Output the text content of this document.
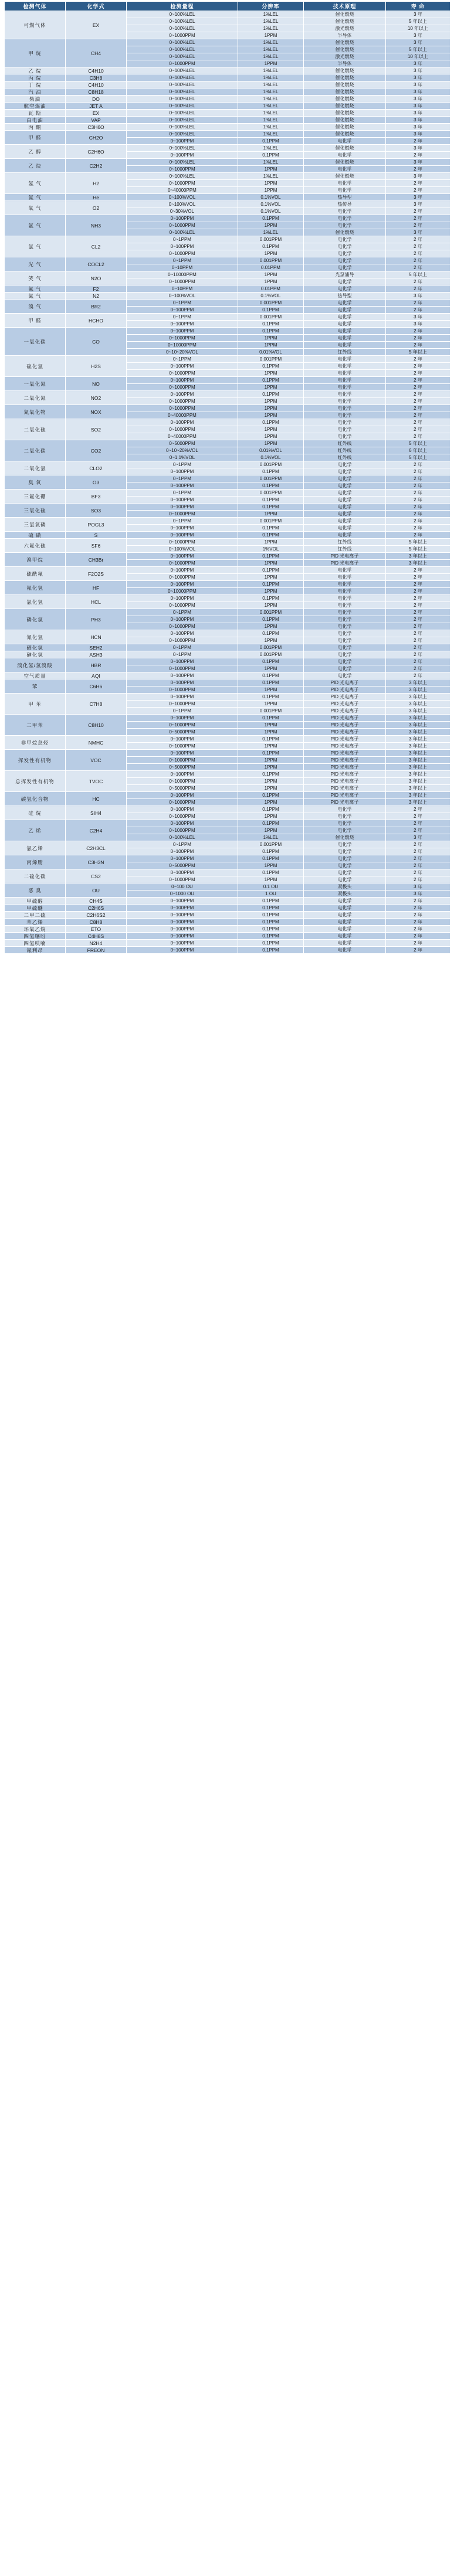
检测气体	化学式	检测量程	分辨率	技术原理	寿 命
可燃气体	EX	0~100%LEL	1%LEL	催化燃烧	3 年
		0~100%LEL	1%LEL	催化燃烧	5 年以上
		0~100%LEL	1%LEL	激光燃烧	10 年以上
		0~1000PPM	1PPM	半导体	3 年
甲 烷	CH4	0~100%LEL	1%LEL	催化燃烧	3 年
		0~100%LEL	1%LEL	催化燃烧	5 年以上
		0~100%LEL	1%LEL	激光燃烧	10 年以上
		0~1000PPM	1PPM	半导体	3 年
乙 烷	C4H10	0~100%LEL	1%LEL	催化燃烧	3 年
丙 烷	C3H8	0~100%LEL	1%LEL	催化燃烧	3 年
丁 烷	C4H10	0~100%LEL	1%LEL	催化燃烧	3 年
汽 油	C8H18	0~100%LEL	1%LEL	催化燃烧	3 年
柴油	DO	0~100%LEL	1%LEL	催化燃烧	3 年
航空煤油	JET A	0~100%LEL	1%LEL	催化燃烧	3 年
瓦 斯	EX	0~100%LEL	1%LEL	催化燃烧	3 年
白电油	VAP	0~100%LEL	1%LEL	催化燃烧	3 年
丙 酮	C3H6O	0~100%LEL	1%LEL	催化燃烧	3 年
甲 醛	CH2O	0~100%LEL	1%LEL	催化燃烧	3 年
		0~100PPM	0.1PPM	电化学	2 年
乙 醇	C2H6O	0~100%LEL	1%LEL	催化燃烧	3 年
		0~100PPM	0.1PPM	电化学	2 年
乙 炔	C2H2	0~100%LEL	1%LEL	催化燃烧	3 年
		0~1000PPM	1PPM	电化学	2 年
氢 气	H2	0~100%LEL	1%LEL	催化燃烧	3 年
		0~1000PPM	1PPM	电化学	2 年
		0~40000PPM	1PPM	电化学	2 年
氦 气	He	0~100%VOL	0.1%VOL	热导型	3 年
氧 气	O2	0~100%VOL	0.1%VOL	热传导	3 年
		0~30%VOL	0.1%VOL	电化学	2 年
氨 气	NH3	0~100PPM	0.1PPM	电化学	2 年
		0~1000PPM	1PPM	电化学	2 年
		0~100%LEL	1%LEL	催化燃烧	3 年
氯 气	CL2	0~1PPM	0.001PPM	电化学	2 年
		0~100PPM	0.1PPM	电化学	2 年
		0~1000PPM	1PPM	电化学	2 年
光 气	COCL2	0~1PPM	0.001PPM	电化学	2 年
		0~10PPM	0.01PPM	电化学	2 年
笑 气	N2O	0~10000PPM	1PPM	光泵浦导	5 年以上
		0~1000PPM	1PPM	电化学	2 年
氟 气	F2	0~10PPM	0.01PPM	电化学	2 年
氮 气	N2	0~100%VOL	0.1%VOL	热导型	3 年
溴 气	BR2	0~1PPM	0.001PPM	电化学	2 年
		0~100PPM	0.1PPM	电化学	2 年
甲 醛	HCHO	0~1PPM	0.001PPM	电化学	3 年
		0~100PPM	0.1PPM	电化学	3 年
一氧化碳	CO	0~100PPM	0.1PPM	电化学	2 年
		0~1000PPM	1PPM	电化学	2 年
		0~10000PPM	1PPM	电化学	2 年
		0~10~20%VOL	0.01%VOL	红外线	5 年以上
硫化氢	H2S	0~1PPM	0.001PPM	电化学	2 年
		0~100PPM	0.1PPM	电化学	2 年
		0~1000PPM	1PPM	电化学	2 年
一氧化氮	NO	0~100PPM	0.1PPM	电化学	2 年
		0~1000PPM	1PPM	电化学	2 年
二氧化氮	NO2	0~100PPM	0.1PPM	电化学	2 年
		0~1000PPM	1PPM	电化学	2 年
氮氧化物	NOX	0~1000PPM	1PPM	电化学	2 年
		0~40000PPM	1PPM	电化学	2 年
二氧化硫	SO2	0~100PPM	0.1PPM	电化学	2 年
		0~1000PPM	1PPM	电化学	2 年
		0~40000PPM	1PPM	电化学	2 年
二氧化碳	CO2	0~5000PPM	1PPM	红外线	5 年以上
		0~10~20%VOL	0.01%VOL	红外线	6 年以上
		0~1.1%VOL	0.1%VOL	红外线	5 年以上
二氧化氯	CLO2	0~1PPM	0.001PPM	电化学	2 年
		0~100PPM	0.1PPM	电化学	2 年
臭 氧	O3	0~1PPM	0.001PPM	电化学	2 年
		0~100PPM	0.1PPM	电化学	2 年
三氟化硼	BF3	0~1PPM	0.001PPM	电化学	2 年
		0~100PPM	0.1PPM	电化学	2 年
三氧化硫	SO3	0~100PPM	0.1PPM	电化学	2 年
		0~1000PPM	1PPM	电化学	2 年
三氯氧磷	POCL3	0~1PPM	0.001PPM	电化学	2 年
		0~100PPM	0.1PPM	电化学	2 年
硫 磺	S	0~100PPM	0.1PPM	电化学	2 年
六氟化硫	SF6	0~1000PPM	1PPM	红外线	5 年以上
		0~100%VOL	1%VOL	红外线	5 年以上
溴甲烷	CH3Br	0~100PPM	0.1PPM	PID 光电离子	3 年以上
		0~1000PPM	1PPM	PID 光电离子	3 年以上
硫酰氟	F2O2S	0~100PPM	0.1PPM	电化学	2 年
		0~1000PPM	1PPM	电化学	2 年
氟化氢	HF	0~100PPM	0.1PPM	电化学	2 年
		0~10000PPM	1PPM	电化学	2 年
氯化氢	HCL	0~100PPM	0.1PPM	电化学	2 年
		0~1000PPM	1PPM	电化学	2 年
磷化氢	PH3	0~1PPM	0.001PPM	电化学	2 年
		0~100PPM	0.1PPM	电化学	2 年
		0~1000PPM	1PPM	电化学	2 年
氰化氢	HCN	0~100PPM	0.1PPM	电化学	2 年
		0~1000PPM	1PPM	电化学	2 年
硒化氢	SEH2	0~1PPM	0.001PPM	电化学	2 年
砷化氢	ASH3	0~1PPM	0.001PPM	电化学	2 年
溴化氢/氢溴酸	HBR	0~100PPM	0.1PPM	电化学	2 年
		0~1000PPM	1PPM	电化学	2 年
空气质量	AQI	0~100PPM	0.1PPM	电化学	2 年
苯	C6H6	0~100PPM	0.1PPM	PID 光电离子	3 年以上
		0~1000PPM	1PPM	PID 光电离子	3 年以上
甲 苯	C7H8	0~100PPM	0.1PPM	PID 光电离子	3 年以上
		0~1000PPM	1PPM	PID 光电离子	3 年以上
		0~1PPM	0.001PPM	PID 光电离子	3 年以上
二甲苯	C8H10	0~100PPM	0.1PPM	PID 光电离子	3 年以上
		0~1000PPM	1PPM	PID 光电离子	3 年以上
		0~5000PPM	1PPM	PID 光电离子	3 年以上
非甲烷总烃	NMHC	0~100PPM	0.1PPM	PID 光电离子	3 年以上
		0~1000PPM	1PPM	PID 光电离子	3 年以上
挥发性有机物	VOC	0~100PPM	0.1PPM	PID 光电离子	3 年以上
		0~1000PPM	1PPM	PID 光电离子	3 年以上
		0~5000PPM	1PPM	PID 光电离子	3 年以上
总挥发性有机物	TVOC	0~100PPM	0.1PPM	PID 光电离子	3 年以上
		0~1000PPM	1PPM	PID 光电离子	3 年以上
		0~5000PPM	1PPM	PID 光电离子	3 年以上
碳氢化合物	HC	0~100PPM	0.1PPM	PID 光电离子	3 年以上
		0~1000PPM	1PPM	PID 光电离子	3 年以上
硅 烷	SIH4	0~100PPM	0.1PPM	电化学	2 年
		0~1000PPM	1PPM	电化学	2 年
乙 烯	C2H4	0~100PPM	0.1PPM	电化学	2 年
		0~1000PPM	1PPM	电化学	2 年
		0~100%LEL	1%LEL	催化燃烧	3 年
氯乙烯	C2H3CL	0~1PPM	0.001PPM	电化学	2 年
		0~100PPM	0.1PPM	电化学	2 年
丙烯腈	C3H3N	0~100PPM	0.1PPM	电化学	2 年
		0~5000PPM	1PPM	电化学	2 年
二硫化碳	CS2	0~100PPM	0.1PPM	电化学	2 年
		0~1000PPM	1PPM	电化学	2 年
恶 臭	OU	0~100 OU	0.1 OU	双极头	3 年
		0~1000 OU	1 OU	双极头	3 年
甲硫醇	CH4S	0~100PPM	0.1PPM	电化学	2 年
甲硫醚	C2H6S	0~100PPM	0.1PPM	电化学	2 年
二甲二硫	C2H6S2	0~100PPM	0.1PPM	电化学	2 年
苯乙烯	C8H8	0~100PPM	0.1PPM	电化学	2 年
环氧乙烷	ETO	0~100PPM	0.1PPM	电化学	2 年
四氢噻吩	C4H8S	0~100PPM	0.1PPM	电化学	2 年
四氢呋喃	N2H4	0~100PPM	0.1PPM	电化学	2 年
氟利昂	FREON	0~100PPM	0.1PPM	电化学	2 年
